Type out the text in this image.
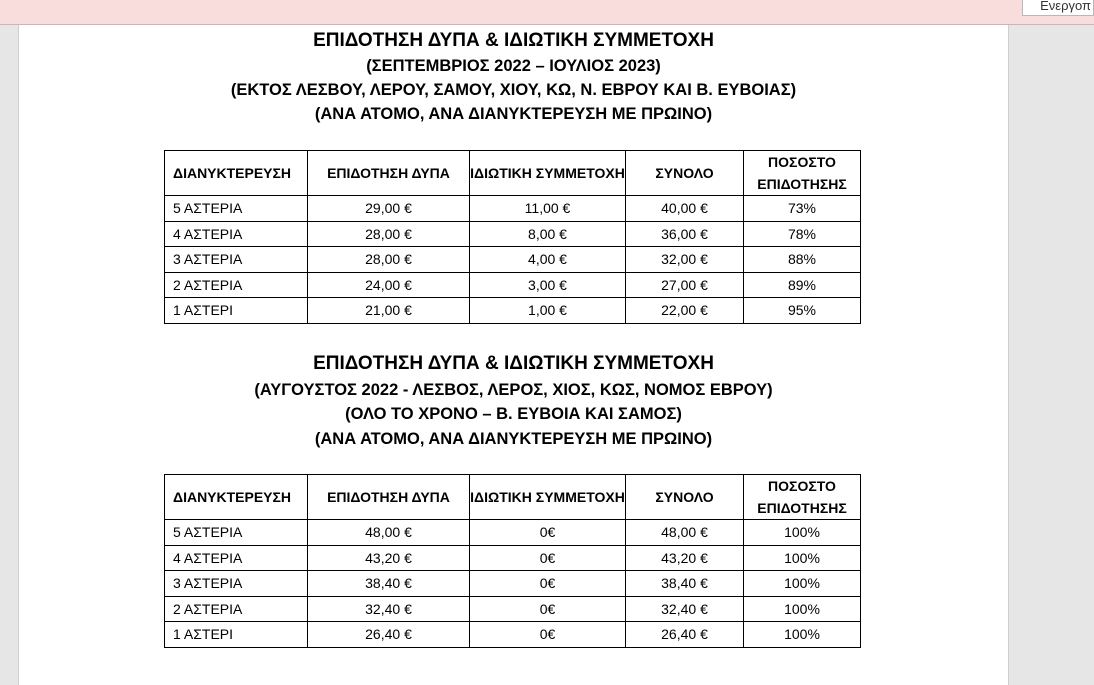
Ενεργοπ
ΕΠΙΔΟΤΗΣΗ ΔΥΠΑ & ΙΔΙΩΤΙΚΗ ΣΥΜΜΕΤΟΧΗ
(ΣΕΠΤΕΜΒΡΙΟΣ 2022 – ΙΟΥΛΙΟΣ 2023)
(ΕΚΤΟΣ ΛΕΣΒΟΥ, ΛΕΡΟΥ, ΣΑΜΟΥ, ΧΙΟΥ, ΚΩ, Ν. ΕΒΡΟΥ ΚΑΙ Β. ΕΥΒΟΙΑΣ)
(ΑΝΑ ΑΤΟΜΟ, ΑΝΑ ΔΙΑΝΥΚΤΕΡΕΥΣΗ ΜΕ ΠΡΩΙΝΟ)
ΔΙΑΝΥΚΤΕΡΕΥΣΗ	ΕΠΙΔΟΤΗΣΗ ΔΥΠΑ	ΙΔΙΩΤΙΚΗ ΣΥΜΜΕΤΟΧΗ	ΣΥΝΟΛΟ	ΠΟΣΟΣΤΟ ΕΠΙΔΟΤΗΣΗΣ
5 ΑΣΤΕΡΙΑ	29,00 €	11,00 €	40,00 €	73%
4 ΑΣΤΕΡΙΑ	28,00 €	8,00 €	36,00 €	78%
3 ΑΣΤΕΡΙΑ	28,00 €	4,00 €	32,00 €	88%
2 ΑΣΤΕΡΙΑ	24,00 €	3,00 €	27,00 €	89%
1 ΑΣΤΕΡΙ	21,00 €	1,00 €	22,00 €	95%
ΕΠΙΔΟΤΗΣΗ ΔΥΠΑ & ΙΔΙΩΤΙΚΗ ΣΥΜΜΕΤΟΧΗ
(ΑΥΓΟΥΣΤΟΣ 2022 - ΛΕΣΒΟΣ, ΛΕΡΟΣ, ΧΙΟΣ, ΚΩΣ, ΝΟΜΟΣ ΕΒΡΟΥ)
(ΟΛΟ ΤΟ ΧΡΟΝΟ – Β. ΕΥΒΟΙΑ ΚΑΙ ΣΑΜΟΣ)
(ΑΝΑ ΑΤΟΜΟ, ΑΝΑ ΔΙΑΝΥΚΤΕΡΕΥΣΗ ΜΕ ΠΡΩΙΝΟ)
ΔΙΑΝΥΚΤΕΡΕΥΣΗ	ΕΠΙΔΟΤΗΣΗ ΔΥΠΑ	ΙΔΙΩΤΙΚΗ ΣΥΜΜΕΤΟΧΗ	ΣΥΝΟΛΟ	ΠΟΣΟΣΤΟ ΕΠΙΔΟΤΗΣΗΣ
5 ΑΣΤΕΡΙΑ	48,00 €	0€	48,00 €	100%
4 ΑΣΤΕΡΙΑ	43,20 €	0€	43,20 €	100%
3 ΑΣΤΕΡΙΑ	38,40 €	0€	38,40 €	100%
2 ΑΣΤΕΡΙΑ	32,40 €	0€	32,40 €	100%
1 ΑΣΤΕΡΙ	26,40 €	0€	26,40 €	100%
